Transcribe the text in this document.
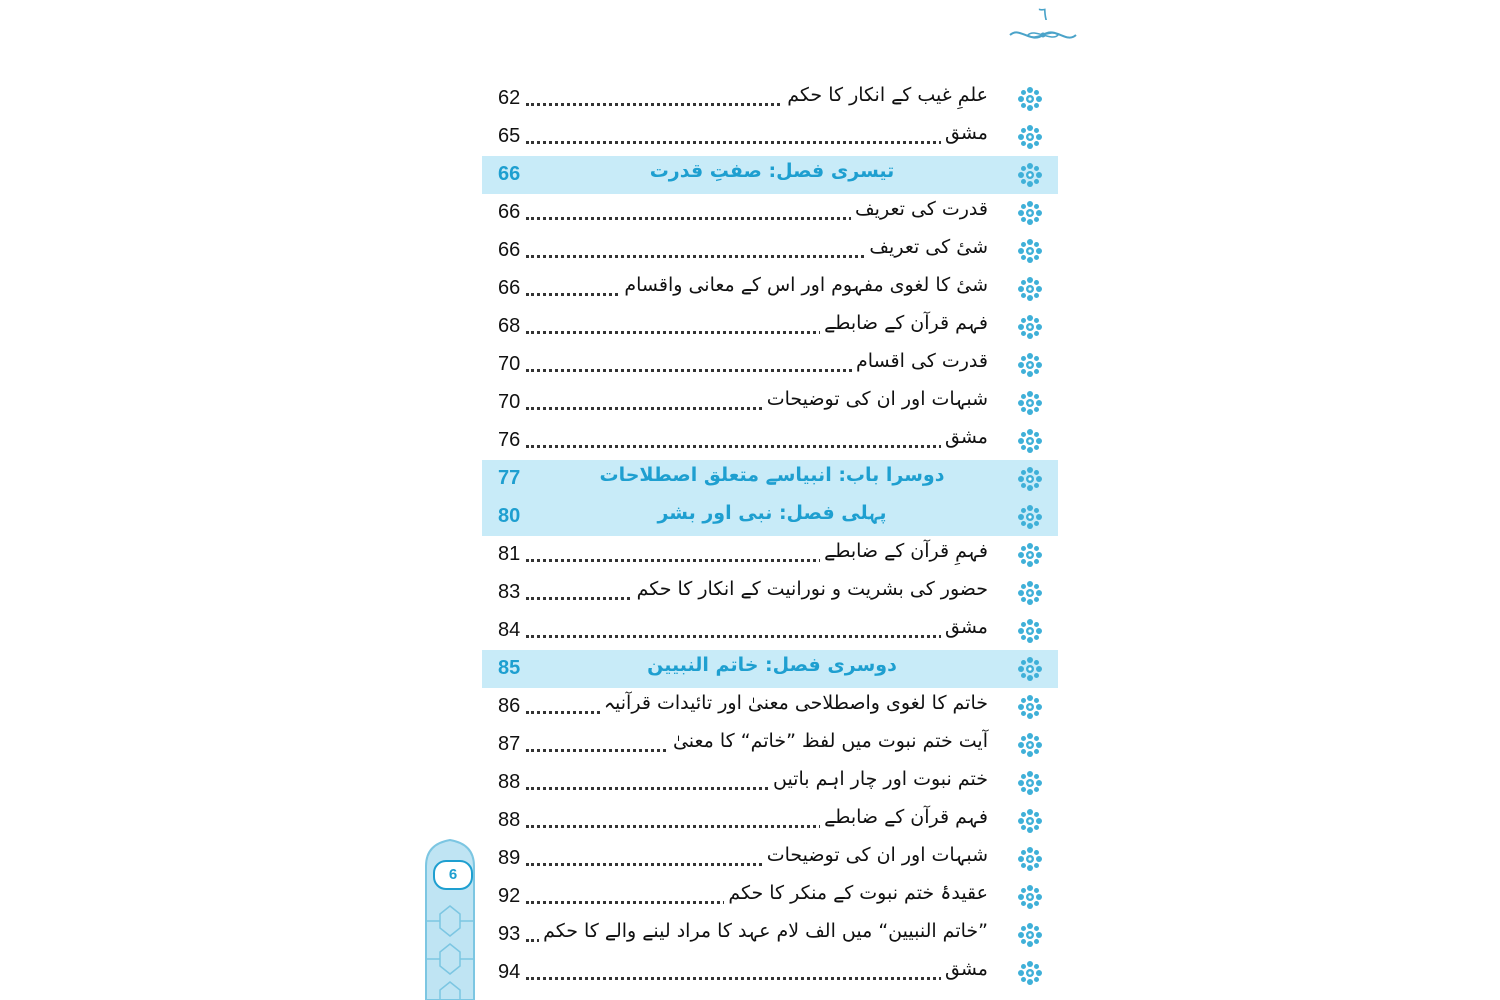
٦
علمِ غیب کے انکار کا حکم
62
مشق
65
تیسری فصل: صفتِ قدرت
66
قدرت کی تعریف
66
شیٔ کی تعریف
66
شیٔ کا لغوی مفہوم اور اس کے معانی واقسام
66
فہم قرآن کے ضابطے
68
قدرت کی اقسام
70
شبہات اور ان کی توضیحات
70
مشق
76
دوسرا باب: انبیاسے متعلق اصطلاحات
77
پہلی فصل: نبی اور بشر
80
فہمِ قرآن کے ضابطے
81
حضور کی بشریت و نورانیت کے انکار کا حکم
83
مشق
84
دوسری فصل: خاتم النبیین
85
خاتم کا لغوی واصطلاحی معنیٰ اور تائیدات قرآنیہ
86
آیت ختم نبوت میں لفظ ”خاتم“ کا معنیٰ
87
ختم نبوت اور چار اہم باتیں
88
فہم قرآن کے ضابطے
88
شبہات اور ان کی توضیحات
89
عقیدۂ ختم نبوت کے منکر کا حکم
92
”خاتم النبیین“ میں الف لام عہد کا مراد لینے والے کا حکم
93
مشق
94
6
